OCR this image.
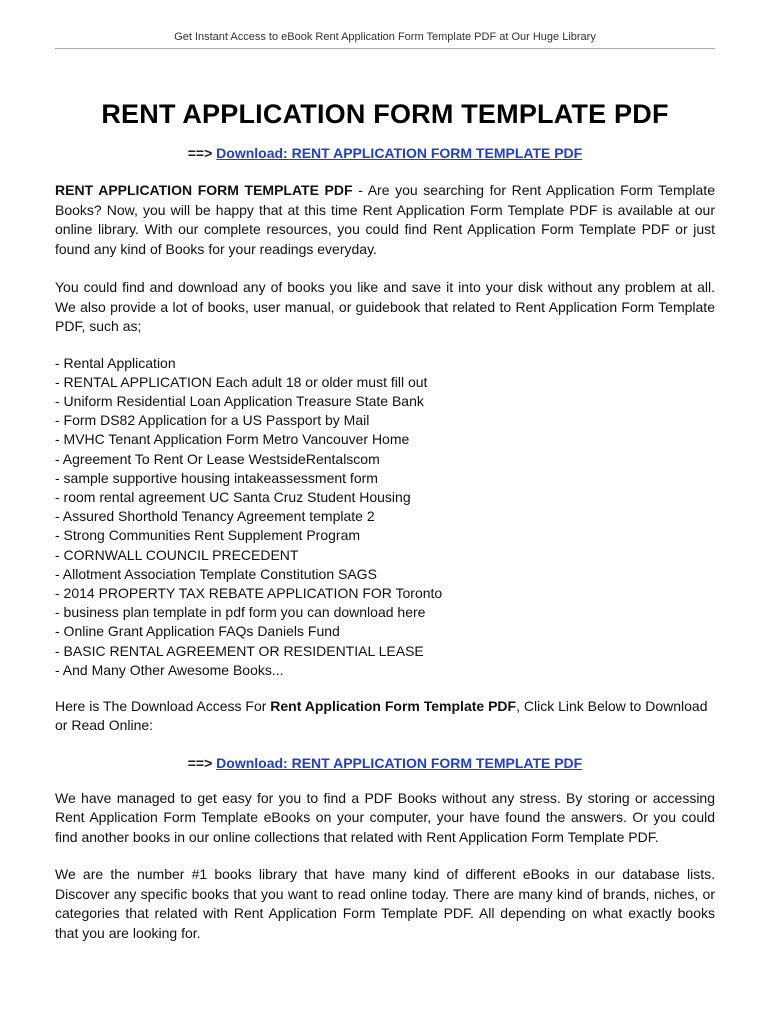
Get Instant Access to eBook Rent Application Form Template PDF at Our Huge Library
RENT APPLICATION FORM TEMPLATE PDF
==> Download: RENT APPLICATION FORM TEMPLATE PDF

RENT APPLICATION FORM TEMPLATE PDF - Are you searching for Rent Application Form Template Books? Now, you will be happy that at this time Rent Application Form Template PDF is available at our online library. With our complete resources, you could find Rent Application Form Template PDF or just found any kind of Books for your readings everyday.

You could find and download any of books you like and save it into your disk without any problem at all. We also provide a lot of books, user manual, or guidebook that related to Rent Application Form Template PDF, such as;

- Rental Application
- RENTAL APPLICATION Each adult 18 or older must fill out
- Uniform Residential Loan Application Treasure State Bank
- Form DS82 Application for a US Passport by Mail
- MVHC Tenant Application Form Metro Vancouver Home
- Agreement To Rent Or Lease WestsideRentalscom
- sample supportive housing intakeassessment form
- room rental agreement UC Santa Cruz Student Housing
- Assured Shorthold Tenancy Agreement template 2
- Strong Communities Rent Supplement Program
- CORNWALL COUNCIL PRECEDENT
- Allotment Association Template Constitution SAGS
- 2014 PROPERTY TAX REBATE APPLICATION FOR Toronto
- business plan template in pdf form you can download here
- Online Grant Application FAQs Daniels Fund
- BASIC RENTAL AGREEMENT OR RESIDENTIAL LEASE
- And Many Other Awesome Books...

Here is The Download Access For Rent Application Form Template PDF, Click Link Below to Download or Read Online:

==> Download: RENT APPLICATION FORM TEMPLATE PDF

We have managed to get easy for you to find a PDF Books without any stress. By storing or accessing Rent Application Form Template eBooks on your computer, your have found the answers. Or you could find another books in our online collections that related with Rent Application Form Template PDF.

We are the number #1 books library that have many kind of different eBooks in our database lists. Discover any specific books that you want to read online today. There are many kind of brands, niches, or categories that related with Rent Application Form Template PDF. All depending on what exactly books that you are looking for.
